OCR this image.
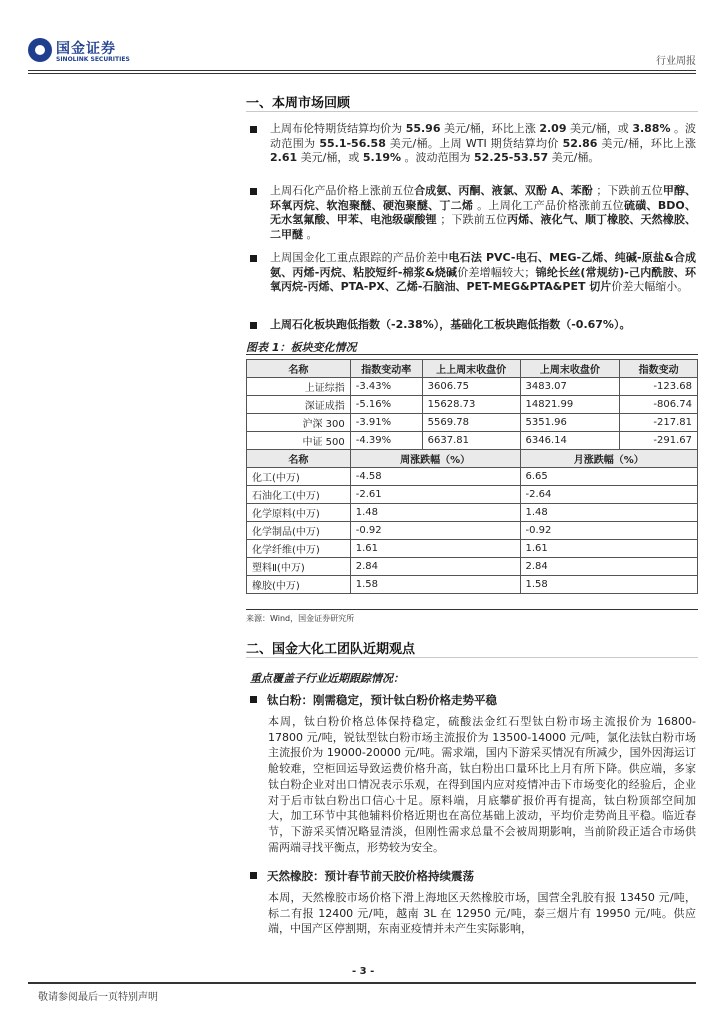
国金证券
SINOLINK SECURITIES	行业周报
一、本周市场回顾
上周布伦特期货结算均价为 55.96 美元/桶，环比上涨 2.09 美元/桶，或 3.88% 。波动范围为 55.1-56.58 美元/桶。上周 WTI 期货结算均价 52.86 美元/桶，环比上涨 2.61 美元/桶，或 5.19% 。波动范围为 52.25-53.57 美元/桶。
上周石化产品价格上涨前五位合成氨、丙酮、液氯、双酚 A、苯酚 ；下跌前五位甲醇、环氧丙烷、软泡聚醚、硬泡聚醚、丁二烯 。上周化工产品价格涨前五位硫磺、BDO、无水氢氟酸、甲苯、电池级碳酸锂 ；下跌前五位丙烯、液化气、顺丁橡胶、天然橡胶、二甲醚 。
上周国金化工重点跟踪的产品价差中电石法 PVC-电石、MEG-乙烯、纯碱-原盐&合成氨、丙烯-丙烷、粘胶短纤-棉浆&烧碱价差增幅较大；锦纶长丝(常规纺)-己内酰胺、环氧丙烷-丙烯、PTA-PX、乙烯-石脑油、PET-MEG&PTA&PET 切片价差大幅缩小。
上周石化板块跑低指数（-2.38%），基础化工板块跑低指数（-0.67%）。
图表 1：板块变化情况
名称	指数变动率	上上周末收盘价	上周末收盘价	指数变动
上证综指	-3.43%	3606.75	3483.07	-123.68
深证成指	-5.16%	15628.73	14821.99	-806.74
沪深 300	-3.91%	5569.78	5351.96	-217.81
中证 500	-4.39%	6637.81	6346.14	-291.67
名称	周涨跌幅（%）		月涨跌幅（%）	
化工(中万)	-4.58		6.65	
石油化工(中万)	-2.61		-2.64	
化学原料(中万)	1.48		1.48	
化学制品(中万)	-0.92		-0.92	
化学纤维(中万)	1.61		1.61	
塑料Ⅱ(中万)	2.84		2.84	
橡胶(中万)	1.58		1.58	
来源：Wind，国金证券研究所
二、国金大化工团队近期观点
重点覆盖子行业近期跟踪情况：
钛白粉：刚需稳定，预计钛白粉价格走势平稳
本周，钛白粉价格总体保持稳定，硫酸法金红石型钛白粉市场主流报价为 16800-17800 元/吨，锐钛型钛白粉市场主流报价为 13500-14000 元/吨，氯化法钛白粉市场主流报价为 19000-20000 元/吨。需求端，国内下游采买情况有所减少，国外因海运订舱较难，空柜回运导致运费价格升高，钛白粉出口量环比上月有所下降。供应端，多家钛白粉企业对出口情况表示乐观，在得到国内应对疫情冲击下市场变化的经验后，企业对于后市钛白粉出口信心十足。原料端，月底攀矿报价再有提高，钛白粉顶部空间加大，加工环节中其他辅料价格近期也在高位基础上波动，平均价走势尚且平稳。临近春节，下游采买情况略显清淡，但刚性需求总量不会被周期影响，当前阶段正适合市场供需两端寻找平衡点，形势较为安全。
天然橡胶：预计春节前天胶价格持续震荡
本周，天然橡胶市场价格下滑上海地区天然橡胶市场，国营全乳胶有报 13450 元/吨，标二有报 12400 元/吨，越南 3L 在 12950 元/吨，泰三烟片有 19950 元/吨。供应端，中国产区停割期，东南亚疫情并未产生实际影响，
- 3 -
敬请参阅最后一页特别声明
